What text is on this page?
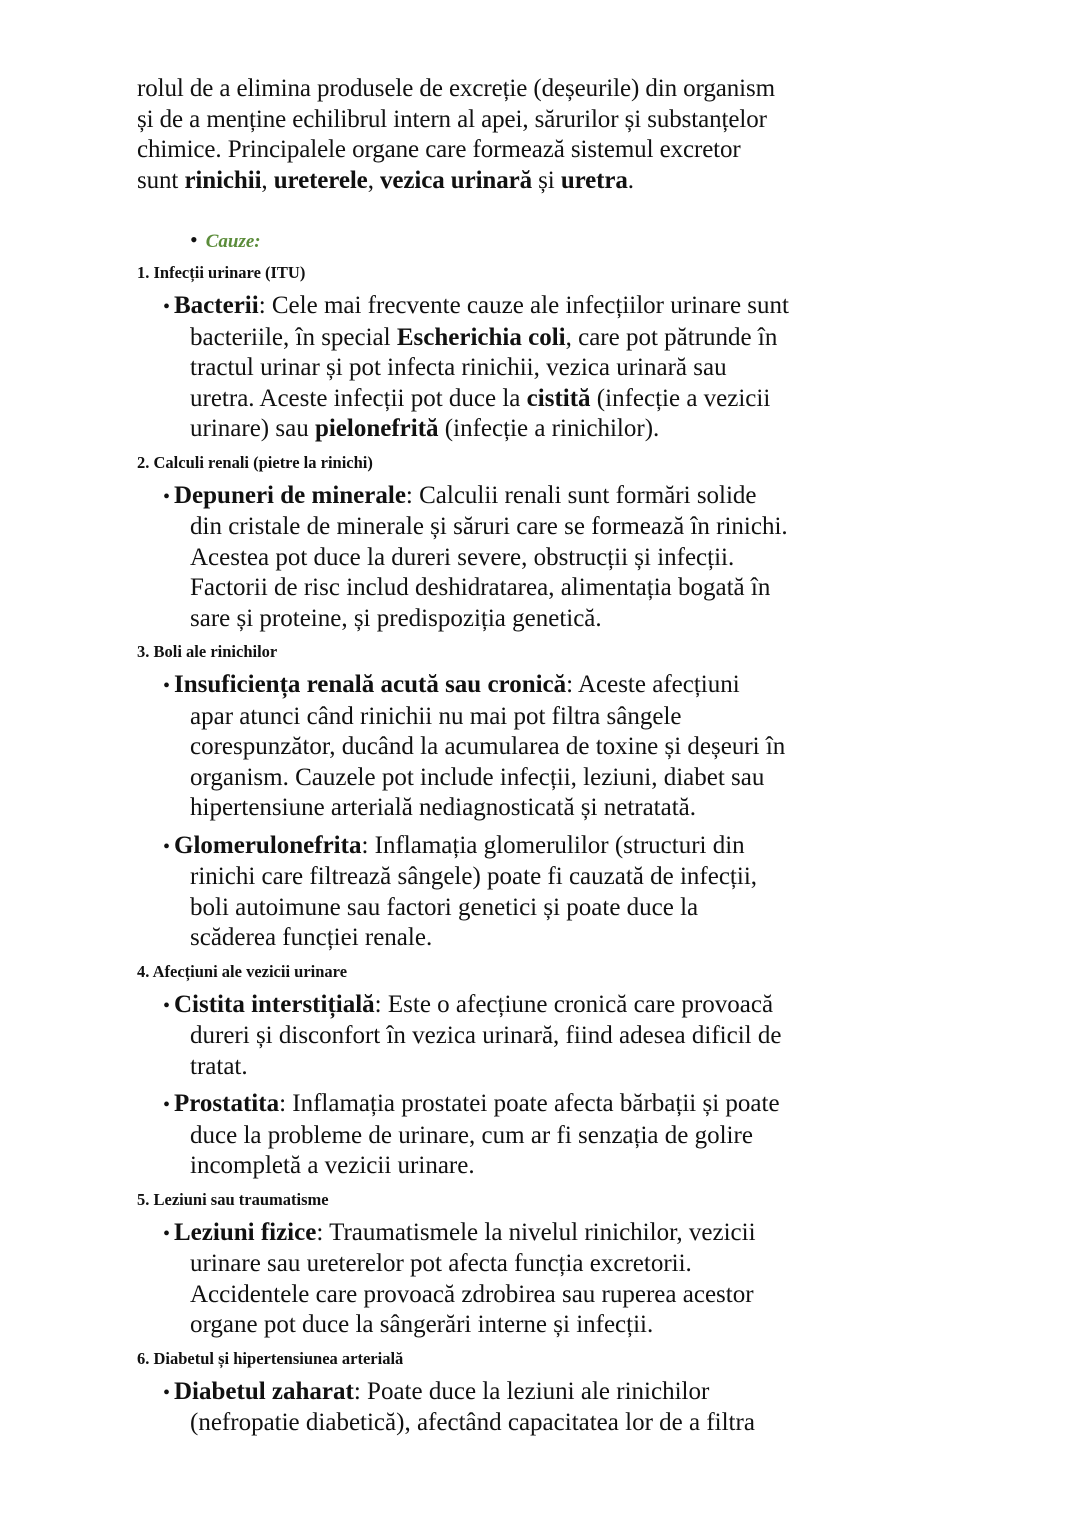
rolul de a elimina produsele de excreție (deșeurile) din organism
și de a menține echilibrul intern al apei, sărurilor și substanțelor
chimice. Principalele organe care formează sistemul excretor
sunt rinichii, ureterele, vezica urinară și uretra.
• Cauze:
1. Infecții urinare (ITU)
• Bacterii: Cele mai frecvente cauze ale infecțiilor urinare sunt
bacteriile, în special Escherichia coli, care pot pătrunde în
tractul urinar și pot infecta rinichii, vezica urinară sau
uretra. Aceste infecții pot duce la cistită (infecție a vezicii
urinare) sau pielonefrită (infecție a rinichilor).
2. Calculi renali (pietre la rinichi)
• Depuneri de minerale: Calculii renali sunt formări solide
din cristale de minerale și săruri care se formează în rinichi.
Acestea pot duce la dureri severe, obstrucții și infecții.
Factorii de risc includ deshidratarea, alimentația bogată în
sare și proteine, și predispoziția genetică.
3. Boli ale rinichilor
• Insuficiența renală acută sau cronică: Aceste afecțiuni
apar atunci când rinichii nu mai pot filtra sângele
corespunzător, ducând la acumularea de toxine și deșeuri în
organism. Cauzele pot include infecții, leziuni, diabet sau
hipertensiune arterială nediagnosticată și netratată.
• Glomerulonefrita: Inflamația glomerulilor (structuri din
rinichi care filtrează sângele) poate fi cauzată de infecții,
boli autoimune sau factori genetici și poate duce la
scăderea funcției renale.
4. Afecțiuni ale vezicii urinare
• Cistita interstițială: Este o afecțiune cronică care provoacă
dureri și disconfort în vezica urinară, fiind adesea dificil de
tratat.
• Prostatita: Inflamația prostatei poate afecta bărbații și poate
duce la probleme de urinare, cum ar fi senzația de golire
incompletă a vezicii urinare.
5. Leziuni sau traumatisme
• Leziuni fizice: Traumatismele la nivelul rinichilor, vezicii
urinare sau ureterelor pot afecta funcția excretorii.
Accidentele care provoacă zdrobirea sau ruperea acestor
organe pot duce la sângerări interne și infecții.
6. Diabetul și hipertensiunea arterială
• Diabetul zaharat: Poate duce la leziuni ale rinichilor
(nefropatie diabetică), afectând capacitatea lor de a filtra
